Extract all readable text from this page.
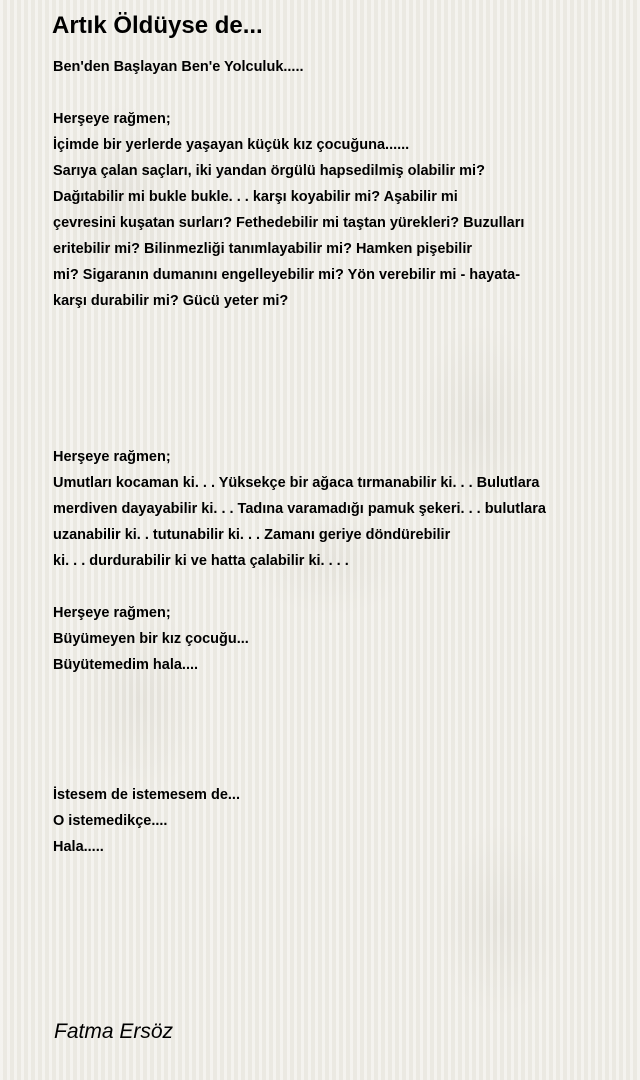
Artık Öldüyse de...
Ben'den Başlayan Ben'e Yolculuk.....
Herşeye rağmen;
İçimde bir yerlerde yaşayan küçük kız çocuğuna......
Sarıya çalan saçları, iki yandan örgülü hapsedilmiş olabilir mi?
Dağıtabilir mi bukle bukle. . . karşı koyabilir mi? Aşabilir mi
çevresini kuşatan surları? Fethedebilir mi taştan yürekleri? Buzulları
eritebilir mi? Bilinmezliği tanımlayabilir mi? Hamken pişebilir
mi? Sigaranın dumanını engelleyebilir mi? Yön verebilir mi - hayata-
karşı durabilir mi? Gücü yeter mi?
Herşeye rağmen;
Umutları kocaman ki. . . Yüksekçe bir ağaca tırmanabilir ki. . . Bulutlara
merdiven dayayabilir ki. . . Tadına varamadığı pamuk şekeri. . . bulutlara
uzanabilir ki. . tutunabilir ki. . . Zamanı geriye döndürebilir
ki. . . durdurabilir ki ve hatta çalabilir ki. . . .
Herşeye rağmen;
Büyümeyen bir kız çocuğu...
Büyütemedim hala....
İstesem de istemesem de...
O istemedikçe....
Hala.....
Fatma Ersöz
